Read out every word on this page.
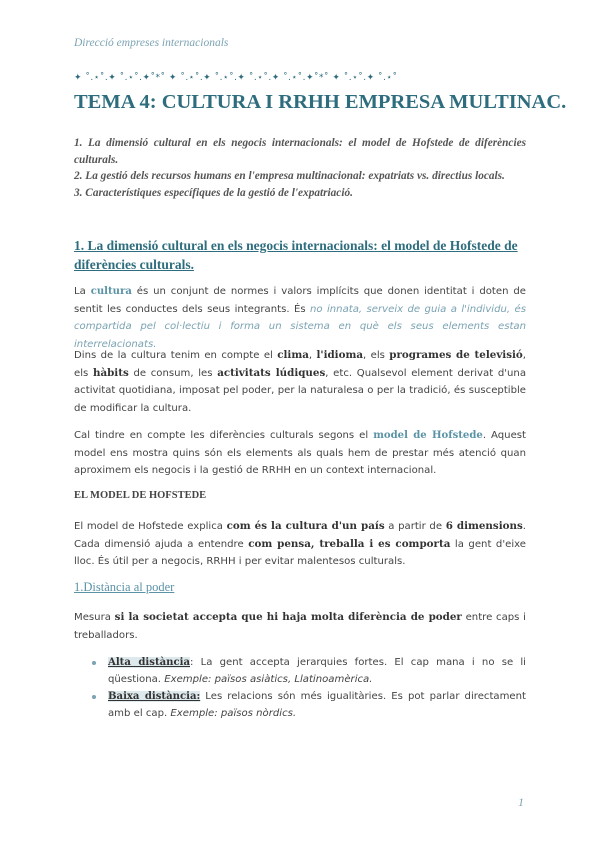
Direcció empreses internacionals
✦ ˚.⋆˚.✦ ˚.⋆˚.✦˚*˚ ✦ ˚.⋆˚.✦ ˚.⋆˚.✦ ˚.⋆˚.✦ ˚.⋆˚.✦˚*˚ ✦ ˚.⋆˚.✦ ˚.⋆˚
TEMA 4: CULTURA I RRHH EMPRESA MULTINAC.

1. La dimensió cultural en els negocis internacionals: el model de Hofstede de diferències culturals.

2. La gestió dels recursos humans en l'empresa multinacional: expatriats vs. directius locals.

3. Característiques específiques de la gestió de l'expatriació.

1. La dimensió cultural en els negocis internacionals: el model de Hofstede de diferències culturals.

La cultura és un conjunt de normes i valors implícits que donen identitat i doten de sentit les conductes dels seus integrants. És no innata, serveix de guia a l'individu, és compartida pel col·lectiu i forma un sistema en què els seus elements estan interrelacionats.

Dins de la cultura tenim en compte el clima, l'idioma, els programes de televisió, els hàbits de consum, les activitats lúdiques, etc. Qualsevol element derivat d'una activitat quotidiana, imposat pel poder, per la naturalesa o per la tradició, és susceptible de modificar la cultura.

Cal tindre en compte les diferències culturals segons el model de Hofstede. Aquest model ens mostra quins són els elements als quals hem de prestar més atenció quan aproximem els negocis i la gestió de RRHH en un context internacional.

EL MODEL DE HOFSTEDE

El model de Hofstede explica com és la cultura d'un país a partir de 6 dimensions. Cada dimensió ajuda a entendre com pensa, treballa i es comporta la gent d'eixe lloc. És útil per a negocis, RRHH i per evitar malentesos culturals.

1.Distància al poder

Mesura si la societat accepta que hi haja molta diferència de poder entre caps i treballadors.

Alta distància: La gent accepta jerarquies fortes. El cap mana i no se li qüestiona. Exemple: països asiàtics, Llatinoamèrica.
Baixa distància: Les relacions són més igualitàries. Es pot parlar directament amb el cap. Exemple: països nòrdics.
1
